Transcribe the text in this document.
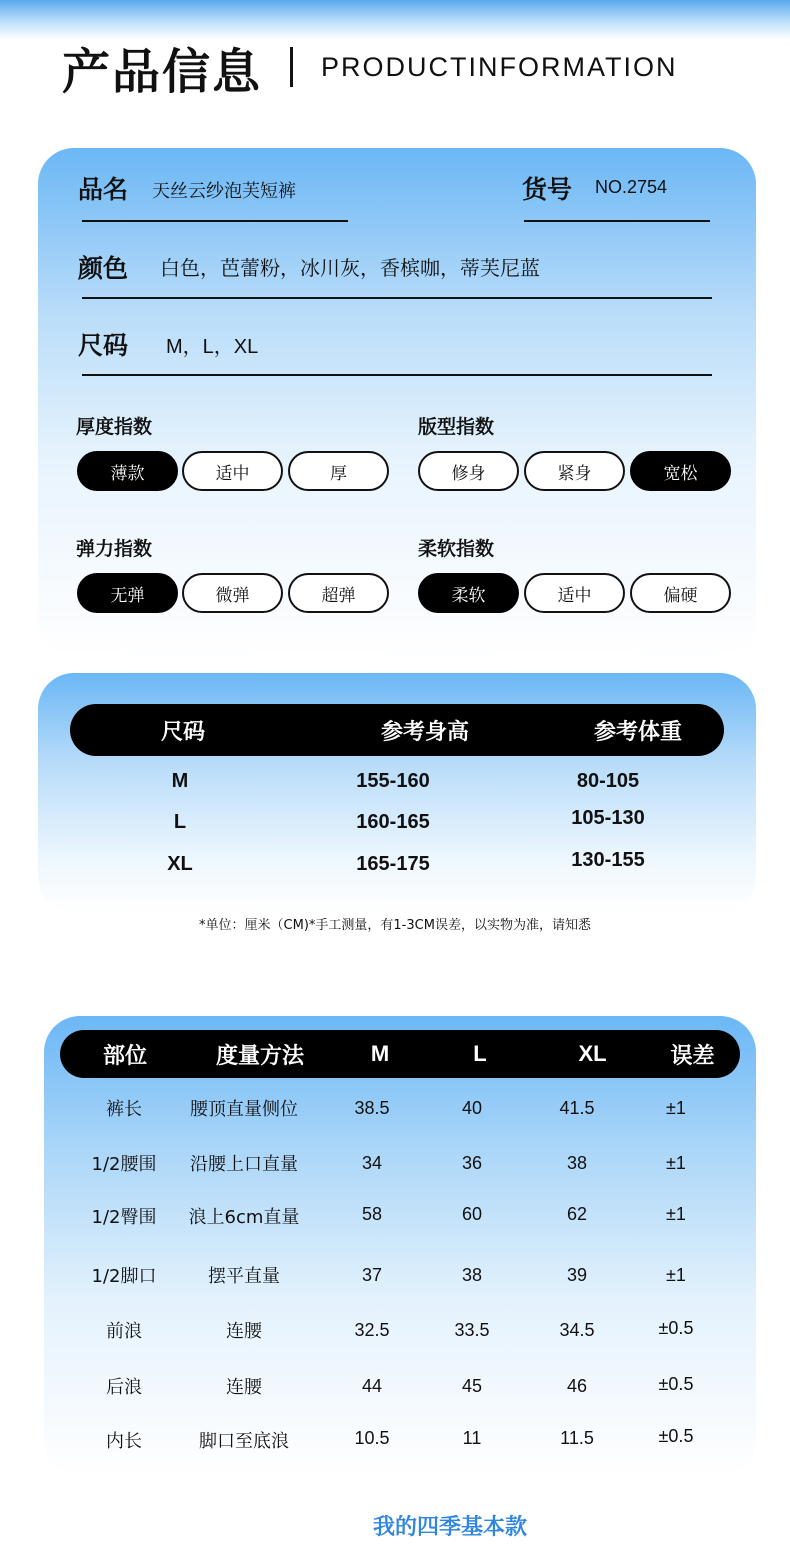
产品信息 PRODUCTINFORMATION
品名 天丝云纱泡芙短裤	货号 NO.2754
颜色 白色，芭蕾粉，冰川灰，香槟咖，蒂芙尼蓝
尺码 M，L，XL
厚度指数
薄款	适中	厚
版型指数
修身	紧身	宽松
弹力指数
无弹	微弹	超弹
柔软指数
柔软	适中	偏硬
尺码	参考身高	参考体重
M	155-160	80-105
L	160-165	105-130
XL	165-175	130-155
*单位：厘米（CM)*手工测量，有1-3CM误差，以实物为准，请知悉
部位	度量方法	M	L	XL	误差
裤长	腰顶直量侧位	38.5	40	41.5	±1
1/2腰围	沿腰上口直量	34	36	38	±1
1/2臀围	浪上6cm直量	58	60	62	±1
1/2脚口	摆平直量	37	38	39	±1
前浪	连腰	32.5	33.5	34.5	±0.5
后浪	连腰	44	45	46	±0.5
内长	脚口至底浪	10.5	11	11.5	±0.5
我的四季基本款
